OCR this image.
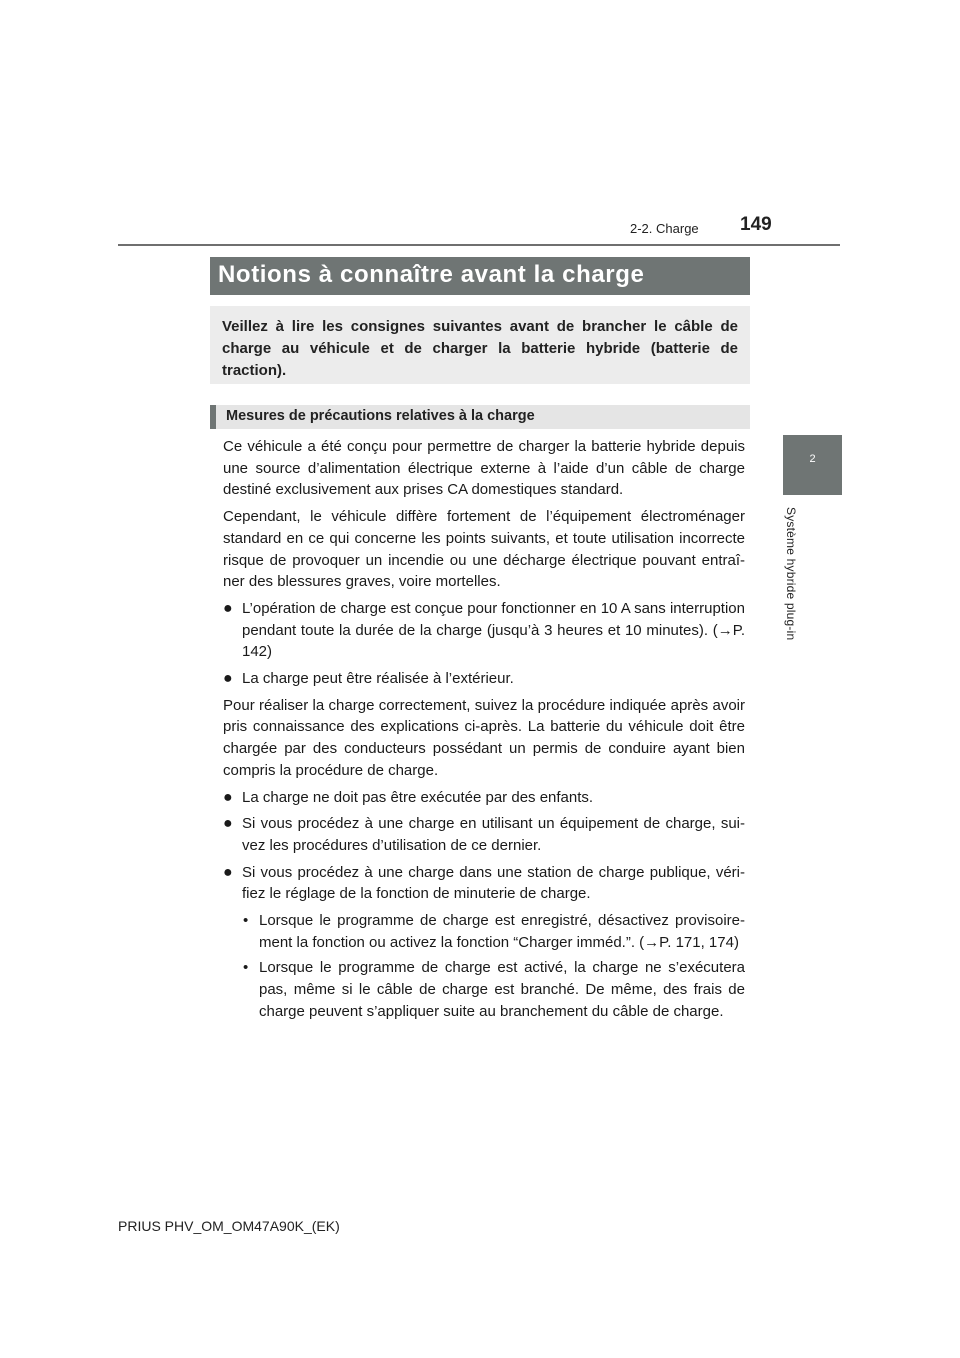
2-2. Charge 149
2
Système hybride plug-in
Notions à connaître avant la charge
Veillez à lire les consignes suivantes avant de brancher le câble de charge au véhicule et de charger la batterie hybride (batterie de traction).
Mesures de précautions relatives à la charge

Ce véhicule a été conçu pour permettre de charger la batterie hybride depuis une source d’alimentation électrique externe à l’aide d’un câble de charge destiné exclusivement aux prises CA domestiques standard.

Cependant, le véhicule diffère fortement de l’équipement électroménager standard en ce qui concerne les points suivants, et toute utilisation incorrecte risque de provoquer un incendie ou une décharge électrique pouvant entraîner des blessures graves, voire mortelles.

● L’opération de charge est conçue pour fonctionner en 10 A sans interruption pendant toute la durée de la charge (jusqu’à 3 heures et 10 minutes). (→P. 142)
● La charge peut être réalisée à l’extérieur.

Pour réaliser la charge correctement, suivez la procédure indiquée après avoir pris connaissance des explications ci-après. La batterie du véhicule doit être chargée par des conducteurs possédant un permis de conduire ayant bien compris la procédure de charge.

● La charge ne doit pas être exécutée par des enfants.
● Si vous procédez à une charge en utilisant un équipement de charge, suivez les procédures d’utilisation de ce dernier.
● Si vous procédez à une charge dans une station de charge publique, vérifiez le réglage de la fonction de minuterie de charge.
• Lorsque le programme de charge est enregistré, désactivez provisoirement la fonction ou activez la fonction “Charger imméd.”. (→P. 171, 174)
• Lorsque le programme de charge est activé, la charge ne s’exécutera pas, même si le câble de charge est branché. De même, des frais de charge peuvent s’appliquer suite au branchement du câble de charge.
PRIUS PHV_OM_OM47A90K_(EK)
